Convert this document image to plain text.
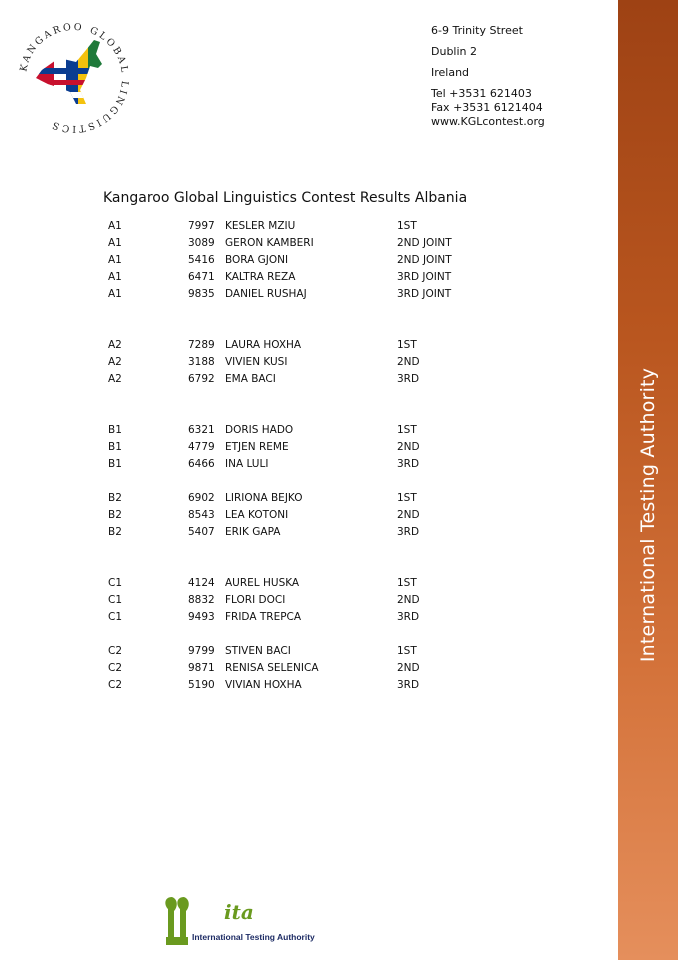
KANGAROO GLOBAL LINGUISTICS
6-9 Trinity Street
Dublin 2
Ireland
Tel +3531 621403
Fax +3531 6121404
www.KGLcontest.org
Kangaroo Global Linguistics Contest Results Albania
A1	7997 KESLER MZIU	1ST
A1	3089 GERON KAMBERI	2ND JOINT
A1	5416 BORA GJONI	2ND JOINT
A1	6471 KALTRA REZA	3RD JOINT
A1	9835 DANIEL RUSHAJ	3RD JOINT
A2	7289 LAURA HOXHA	1ST
A2	3188 VIVIEN KUSI	2ND
A2	6792 EMA BACI	3RD
B1	6321 DORIS HADO	1ST
B1	4779 ETJEN REME	2ND
B1	6466 INA LULI	3RD
B2	6902 LIRIONA BEJKO	1ST
B2	8543 LEA KOTONI	2ND
B2	5407 ERIK GAPA	3RD
C1	4124 AUREL HUSKA	1ST
C1	8832 FLORI DOCI	2ND
C1	9493 FRIDA TREPCA	3RD
C2	9799 STIVEN BACI	1ST
C2	9871 RENISA SELENICA	2ND
C2	5190 VIVIAN HOXHA	3RD
ita
International Testing Authority
International Testing Authority
